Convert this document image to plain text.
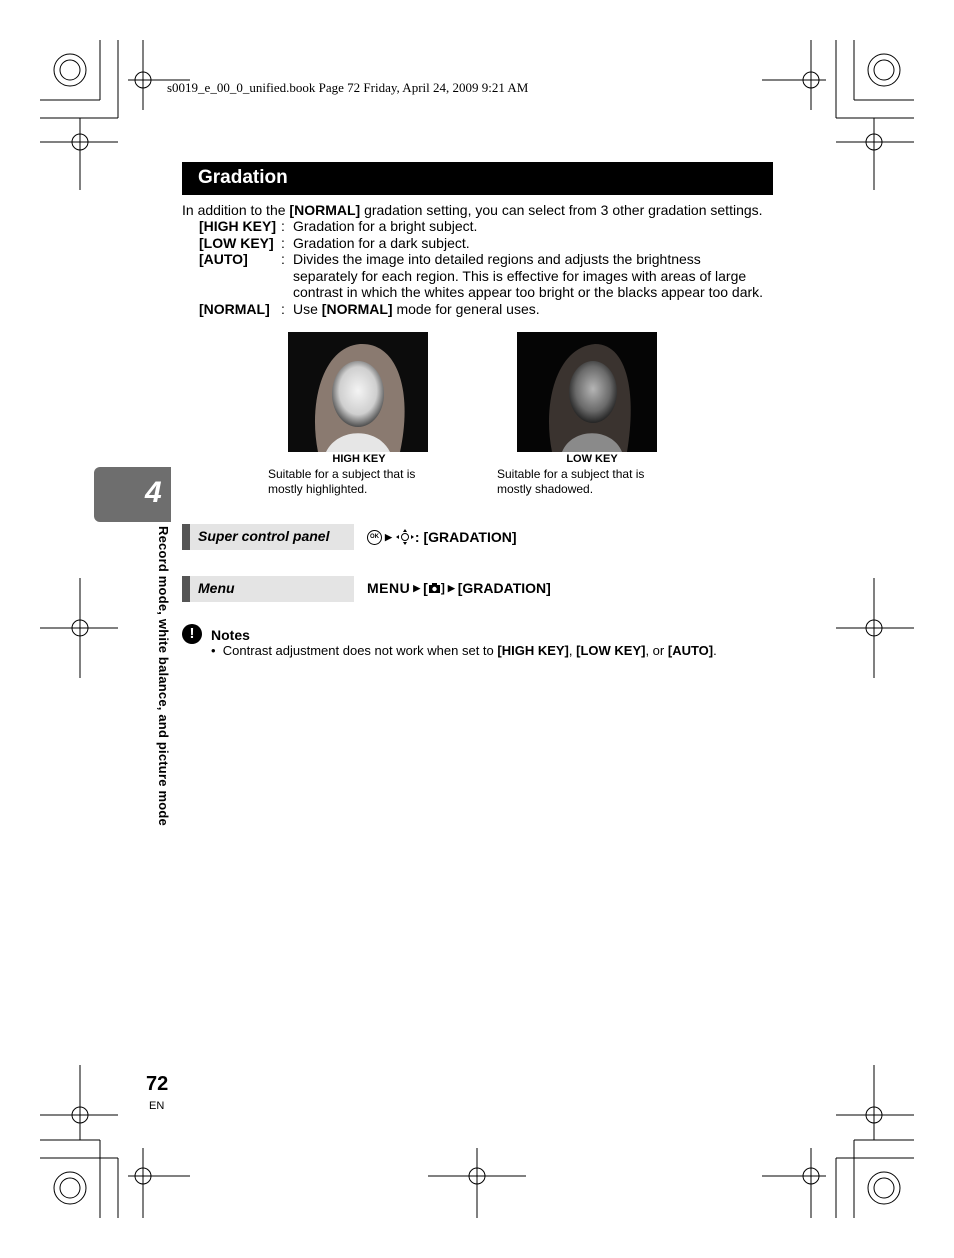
s0019_e_00_0_unified.book Page 72 Friday, April 24, 2009 9:21 AM
Gradation
In addition to the [NORMAL] gradation setting, you can select from 3 other gradation settings.
[HIGH KEY] : Gradation for a bright subject.
[LOW KEY] : Gradation for a dark subject.
[AUTO] : Divides the image into detailed regions and adjusts the brightness
separately for each region. This is effective for images with areas of large
contrast in which the whites appear too bright or the blacks appear too dark.
[NORMAL] : Use [NORMAL] mode for general uses.
HIGH KEY
Suitable for a subject that is
mostly highlighted.
LOW KEY
Suitable for a subject that is
mostly shadowed.
4
Record mode, white balance, and picture mode Super control panel	OK ▶ : [GRADATION]
Menu	MENU ▶ [ ] ▶ [GRADATION]
!	Notes
• Contrast adjustment does not work when set to [HIGH KEY], [LOW KEY], or [AUTO].
72
EN
